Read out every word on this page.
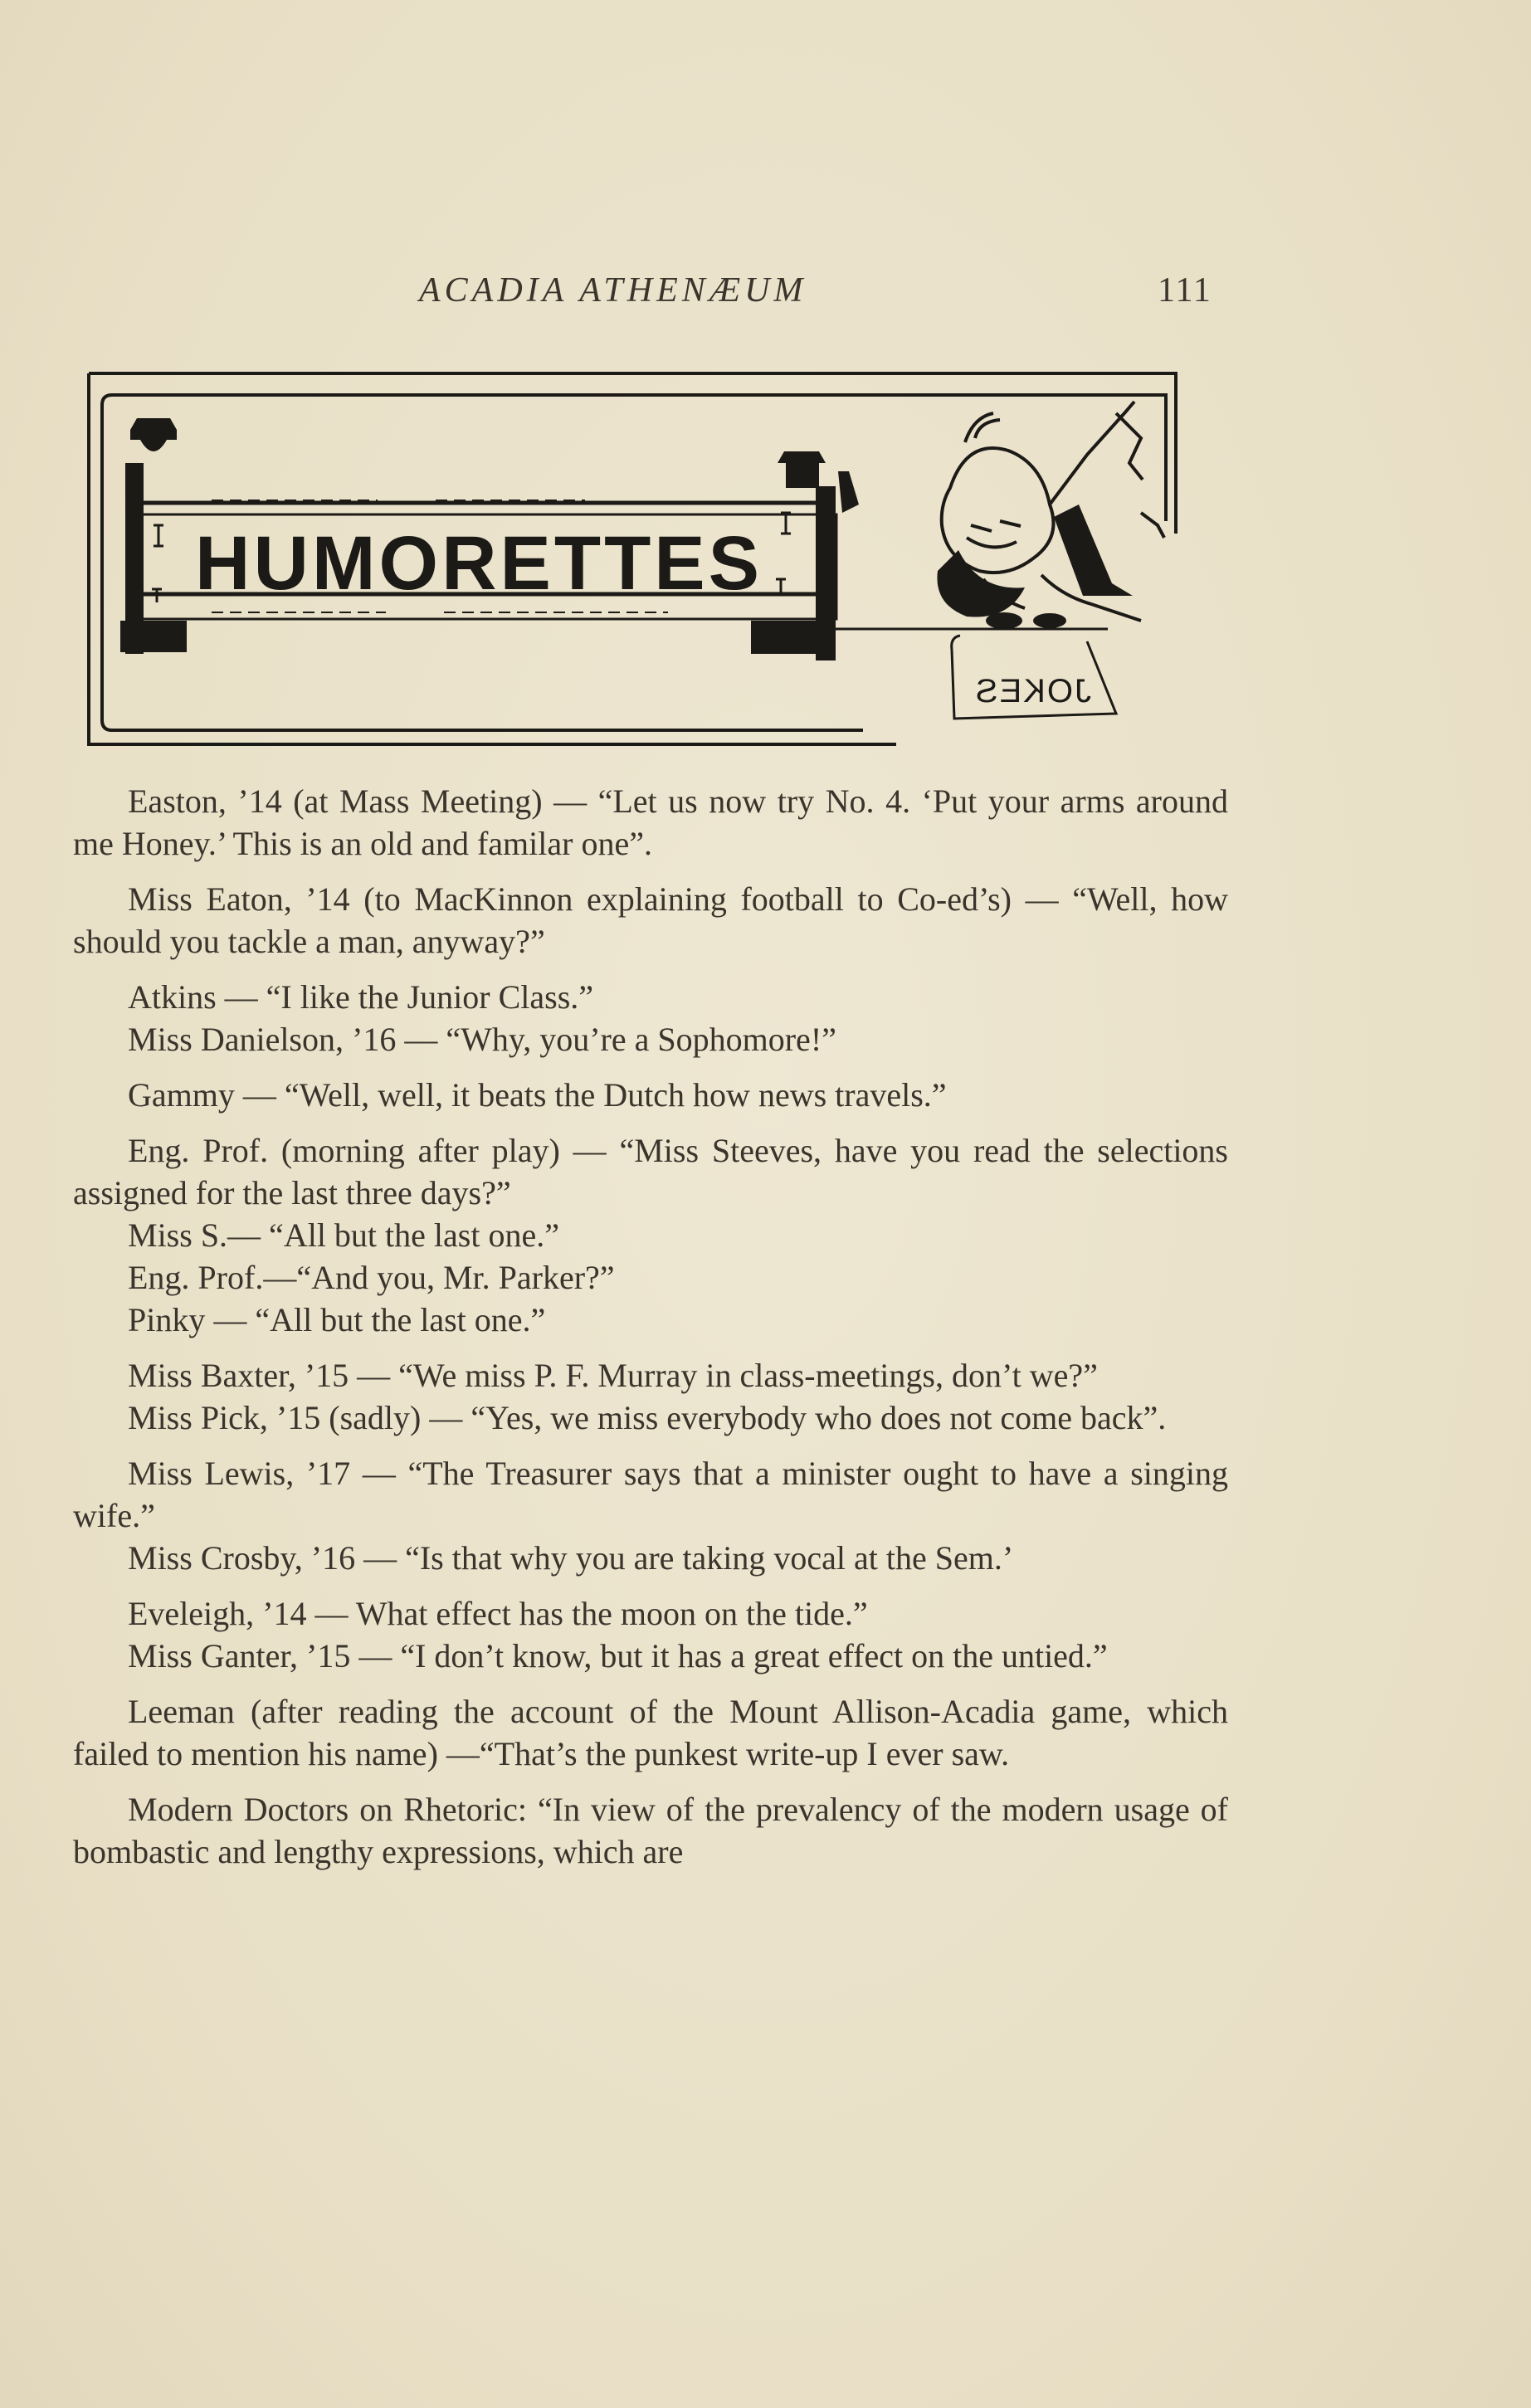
ACADIA ATHENÆUM	111
HUMORETTES
JOKES

Easton, ’14 (at Mass Meeting) — “Let us now try No. 4. ‘Put your arms around me Honey.’ This is an old and familar one”.

Miss Eaton, ’14 (to MacKinnon explaining football to Co-ed’s) — “Well, how should you tackle a man, anyway?”

Atkins — “I like the Junior Class.”

Miss Danielson, ’16 — “Why, you’re a Sophomore!”

Gammy — “Well, well, it beats the Dutch how news travels.”

Eng. Prof. (morning after play) — “Miss Steeves, have you read the selections assigned for the last three days?”

Miss S.— “All but the last one.”

Eng. Prof.—“And you, Mr. Parker?”

Pinky — “All but the last one.”

Miss Baxter, ’15 — “We miss P. F. Murray in class-meetings, don’t we?”

Miss Pick, ’15 (sadly) — “Yes, we miss everybody who does not come back”.

Miss Lewis, ’17 — “The Treasurer says that a minister ought to have a singing wife.”

Miss Crosby, ’16 — “Is that why you are taking vocal at the Sem.’

Eveleigh, ’14 — What effect has the moon on the tide.”

Miss Ganter, ’15 — “I don’t know, but it has a great effect on the untied.”

Leeman (after reading the account of the Mount Allison-Acadia game, which failed to mention his name) —“That’s the punkest write-up I ever saw.

Modern Doctors on Rhetoric: “In view of the prevalency of the modern usage of bombastic and lengthy expressions, which are
